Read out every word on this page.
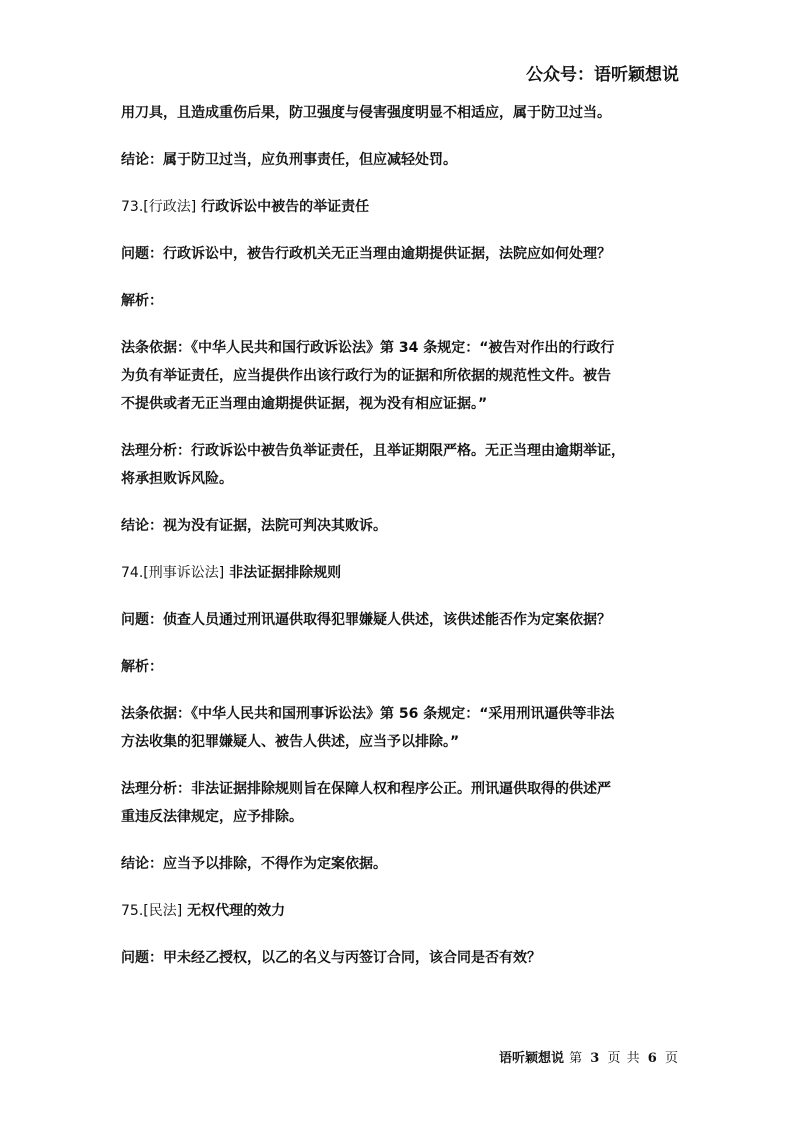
公众号：语听颖想说
用刀具，且造成重伤后果，防卫强度与侵害强度明显不相适应，属于防卫过当。
结论：属于防卫过当，应负刑事责任，但应减轻处罚。
73.[行政法] 行政诉讼中被告的举证责任
问题：行政诉讼中，被告行政机关无正当理由逾期提供证据，法院应如何处理？
解析：
法条依据：《中华人民共和国行政诉讼法》第 34 条规定：“被告对作出的行政行
为负有举证责任，应当提供作出该行政行为的证据和所依据的规范性文件。被告
不提供或者无正当理由逾期提供证据，视为没有相应证据。”
法理分析：行政诉讼中被告负举证责任，且举证期限严格。无正当理由逾期举证，
将承担败诉风险。
结论：视为没有证据，法院可判决其败诉。
74.[刑事诉讼法] 非法证据排除规则
问题：侦查人员通过刑讯逼供取得犯罪嫌疑人供述，该供述能否作为定案依据？
解析：
法条依据：《中华人民共和国刑事诉讼法》第 56 条规定：“采用刑讯逼供等非法
方法收集的犯罪嫌疑人、被告人供述，应当予以排除。”
法理分析：非法证据排除规则旨在保障人权和程序公正。刑讯逼供取得的供述严
重违反法律规定，应予排除。
结论：应当予以排除，不得作为定案依据。
75.[民法] 无权代理的效力
问题：甲未经乙授权，以乙的名义与丙签订合同，该合同是否有效？
语听颖想说 第 3 页 共 6 页
